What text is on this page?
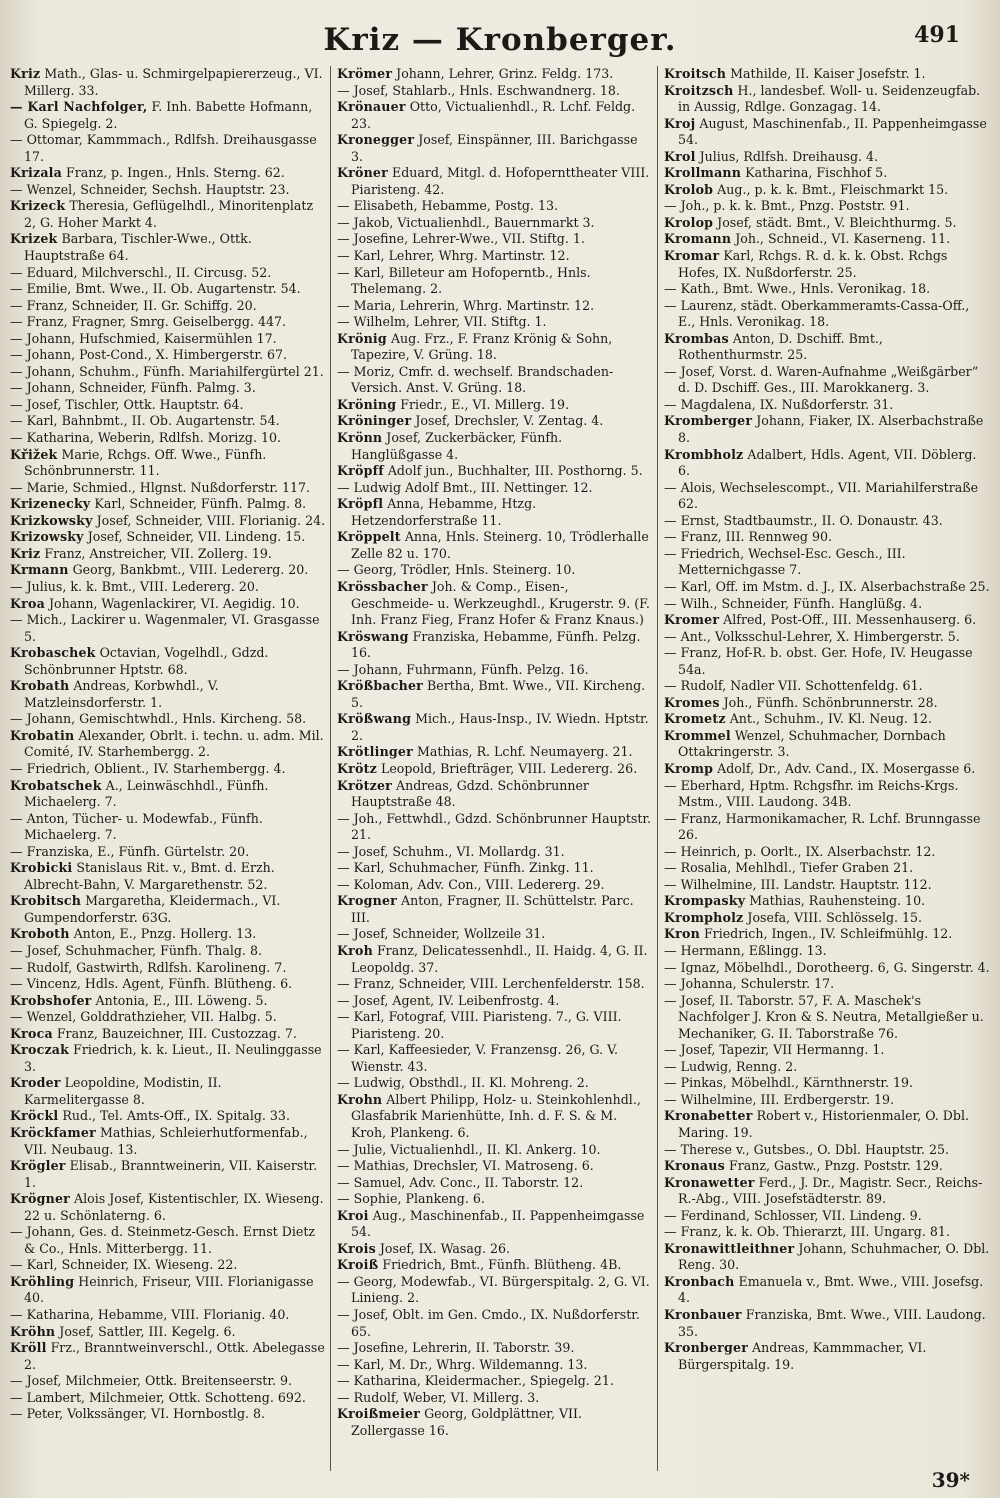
Kriz — Kronberger.	491

Kriz Math., Glas- u. Schmirgelpapiererzeug., VI. Millerg. 33.

— Karl Nachfolger, F. Inh. Babette Hofmann, G. Spiegelg. 2.

— Ottomar, Kammmach., Rdlfsh. Dreihausgasse 17.

Krizala Franz, p. Ingen., Hnls. Sterng. 62.

— Wenzel, Schneider, Sechsh. Hauptstr. 23.

Krizeck Theresia, Geflügelhdl., Minoritenplatz 2, G. Hoher Markt 4.

Krizek Barbara, Tischler-Wwe., Ottk. Hauptstraße 64.

— Eduard, Milchverschl., II. Circusg. 52.

— Emilie, Bmt. Wwe., II. Ob. Augartenstr. 54.

— Franz, Schneider, II. Gr. Schiffg. 20.

— Franz, Fragner, Smrg. Geiselbergg. 447.

— Johann, Hufschmied, Kaisermühlen 17.

— Johann, Post-Cond., X. Himbergerstr. 67.

— Johann, Schuhm., Fünfh. Mariahilfergürtel 21.

— Johann, Schneider, Fünfh. Palmg. 3.

— Josef, Tischler, Ottk. Hauptstr. 64.

— Karl, Bahnbmt., II. Ob. Augartenstr. 54.

— Katharina, Weberin, Rdlfsh. Morizg. 10.

Křižek Marie, Rchgs. Off. Wwe., Fünfh. Schönbrunnerstr. 11.

— Marie, Schmied., Hlgnst. Nußdorferstr. 117.

Krizenecky Karl, Schneider, Fünfh. Palmg. 8.

Krizkowsky Josef, Schneider, VIII. Florianig. 24.

Krizowsky Josef, Schneider, VII. Lindeng. 15.

Kriz Franz, Anstreicher, VII. Zollerg. 19.

Krmann Georg, Bankbmt., VIII. Ledererg. 20.

— Julius, k. k. Bmt., VIII. Ledererg. 20.

Kroa Johann, Wagenlackirer, VI. Aegidig. 10.

— Mich., Lackirer u. Wagenmaler, VI. Grasgasse 5.

Krobaschek Octavian, Vogelhdl., Gdzd. Schönbrunner Hptstr. 68.

Krobath Andreas, Korbwhdl., V. Matzleinsdorferstr. 1.

— Johann, Gemischtwhdl., Hnls. Kircheng. 58.

Krobatin Alexander, Obrlt. i. techn. u. adm. Mil. Comité, IV. Starhembergg. 2.

— Friedrich, Oblient., IV. Starhembergg. 4.

Krobatschek A., Leinwäschhdl., Fünfh. Michaelerg. 7.

— Anton, Tücher- u. Modewfab., Fünfh. Michaelerg. 7.

— Franziska, E., Fünfh. Gürtelstr. 20.

Krobicki Stanislaus Rit. v., Bmt. d. Erzh. Albrecht-Bahn, V. Margarethenstr. 52.

Krobitsch Margaretha, Kleidermach., VI. Gumpendorferstr. 63G.

Kroboth Anton, E., Pnzg. Hollerg. 13.

— Josef, Schuhmacher, Fünfh. Thalg. 8.

— Rudolf, Gastwirth, Rdlfsh. Karolineng. 7.

— Vincenz, Hdls. Agent, Fünfh. Blütheng. 6.

Krobshofer Antonia, E., III. Löweng. 5.

— Wenzel, Golddrathzieher, VII. Halbg. 5.

Kroca Franz, Bauzeichner, III. Custozzag. 7.

Kroczak Friedrich, k. k. Lieut., II. Neulinggasse 3.

Kroder Leopoldine, Modistin, II. Karmelitergasse 8.

Kröckl Rud., Tel. Amts-Off., IX. Spitalg. 33.

Kröckfamer Mathias, Schleierhutformenfab., VII. Neubaug. 13.

Krögler Elisab., Branntweinerin, VII. Kaiserstr. 1.

Krögner Alois Josef, Kistentischler, IX. Wieseng. 22 u. Schönlaterng. 6.

— Johann, Ges. d. Steinmetz-Gesch. Ernst Dietz & Co., Hnls. Mitterbergg. 11.

— Karl, Schneider, IX. Wieseng. 22.

Kröhling Heinrich, Friseur, VIII. Florianigasse 40.

— Katharina, Hebamme, VIII. Florianig. 40.

Kröhn Josef, Sattler, III. Kegelg. 6.

Kröll Frz., Branntweinverschl., Ottk. Abelegasse 2.

— Josef, Milchmeier, Ottk. Breitenseerstr. 9.

— Lambert, Milchmeier, Ottk. Schotteng. 692.

— Peter, Volkssänger, VI. Hornbostlg. 8.

Krömer Johann, Lehrer, Grinz. Feldg. 173.

— Josef, Stahlarb., Hnls. Eschwandnerg. 18.

Krönauer Otto, Victualienhdl., R. Lchf. Feldg. 23.

Kronegger Josef, Einspänner, III. Barichgasse 3.

Kröner Eduard, Mitgl. d. Hofopernttheater VIII. Piaristeng. 42.

— Elisabeth, Hebamme, Postg. 13.

— Jakob, Victualienhdl., Bauernmarkt 3.

— Josefine, Lehrer-Wwe., VII. Stiftg. 1.

— Karl, Lehrer, Whrg. Martinstr. 12.

— Karl, Billeteur am Hofoperntb., Hnls. Thelemang. 2.

— Maria, Lehrerin, Whrg. Martinstr. 12.

— Wilhelm, Lehrer, VII. Stiftg. 1.

Krönig Aug. Frz., F. Franz Krönig & Sohn, Tapezire, V. Grüng. 18.

— Moriz, Cmfr. d. wechself. Brandschaden-Versich. Anst. V. Grüng. 18.

Kröning Friedr., E., VI. Millerg. 19.

Kröninger Josef, Drechsler, V. Zentag. 4.

Krönn Josef, Zuckerbäcker, Fünfh. Hanglüßgasse 4.

Kröpff Adolf jun., Buchhalter, III. Posthorng. 5.

— Ludwig Adolf Bmt., III. Nettinger. 12.

Kröpfl Anna, Hebamme, Htzg. Hetzendorferstraße 11.

Kröppelt Anna, Hnls. Steinerg. 10, Trödlerhalle Zelle 82 u. 170.

— Georg, Trödler, Hnls. Steinerg. 10.

Krössbacher Joh. & Comp., Eisen-, Geschmeide- u. Werkzeughdl., Krugerstr. 9. (F. Inh. Franz Fieg, Franz Hofer & Franz Knaus.)

Kröswang Franziska, Hebamme, Fünfh. Pelzg. 16.

— Johann, Fuhrmann, Fünfh. Pelzg. 16.

Krößbacher Bertha, Bmt. Wwe., VII. Kircheng. 5.

Krößwang Mich., Haus-Insp., IV. Wiedn. Hptstr. 2.

Krötlinger Mathias, R. Lchf. Neumayerg. 21.

Krötz Leopold, Briefträger, VIII. Ledererg. 26.

Krötzer Andreas, Gdzd. Schönbrunner Hauptstraße 48.

— Joh., Fettwhdl., Gdzd. Schönbrunner Hauptstr. 21.

— Josef, Schuhm., VI. Mollardg. 31.

— Karl, Schuhmacher, Fünfh. Zinkg. 11.

— Koloman, Adv. Con., VIII. Ledererg. 29.

Krogner Anton, Fragner, II. Schüttelstr. Parc. III.

— Josef, Schneider, Wollzeile 31.

Kroh Franz, Delicatessenhdl., II. Haidg. 4, G. II. Leopoldg. 37.

— Franz, Schneider, VIII. Lerchenfelderstr. 158.

— Josef, Agent, IV. Leibenfrostg. 4.

— Karl, Fotograf, VIII. Piaristeng. 7., G. VIII. Piaristeng. 20.

— Karl, Kaffeesieder, V. Franzensg. 26, G. V. Wienstr. 43.

— Ludwig, Obsthdl., II. Kl. Mohreng. 2.

Krohn Albert Philipp, Holz- u. Steinkohlenhdl., Glasfabrik Marienhütte, Inh. d. F. S. & M. Kroh, Plankeng. 6.

— Julie, Victualienhdl., II. Kl. Ankerg. 10.

— Mathias, Drechsler, VI. Matroseng. 6.

— Samuel, Adv. Conc., II. Taborstr. 12.

— Sophie, Plankeng. 6.

Kroi Aug., Maschinenfab., II. Pappenheimgasse 54.

Krois Josef, IX. Wasag. 26.

Kroiß Friedrich, Bmt., Fünfh. Blütheng. 4B.

— Georg, Modewfab., VI. Bürgerspitalg. 2, G. VI. Linieng. 2.

— Josef, Oblt. im Gen. Cmdo., IX. Nußdorferstr. 65.

— Josefine, Lehrerin, II. Taborstr. 39.

— Karl, M. Dr., Whrg. Wildemanng. 13.

— Katharina, Kleidermacher., Spiegelg. 21.

— Rudolf, Weber, VI. Millerg. 3.

Kroißmeier Georg, Goldplättner, VII. Zollergasse 16.

Kroitsch Mathilde, II. Kaiser Josefstr. 1.

Kroitzsch H., landesbef. Woll- u. Seidenzeugfab. in Aussig, Rdlge. Gonzagag. 14.

Kroj August, Maschinenfab., II. Pappenheimgasse 54.

Krol Julius, Rdlfsh. Dreihausg. 4.

Krollmann Katharina, Fischhof 5.

Krolob Aug., p. k. k. Bmt., Fleischmarkt 15.

— Joh., p. k. k. Bmt., Pnzg. Poststr. 91.

Krolop Josef, städt. Bmt., V. Bleichthurmg. 5.

Kromann Joh., Schneid., VI. Kaserneng. 11.

Kromar Karl, Rchgs. R. d. k. k. Obst. Rchgs Hofes, IX. Nußdorferstr. 25.

— Kath., Bmt. Wwe., Hnls. Veronikag. 18.

— Laurenz, städt. Oberkammeramts-Cassa-Off., E., Hnls. Veronikag. 18.

Krombas Anton, D. Dschiff. Bmt., Rothenthurmstr. 25.

— Josef, Vorst. d. Waren-Aufnahme „Weißgärber“ d. D. Dschiff. Ges., III. Marokkanerg. 3.

— Magdalena, IX. Nußdorferstr. 31.

Kromberger Johann, Fiaker, IX. Alserbachstraße 8.

Krombholz Adalbert, Hdls. Agent, VII. Döblerg. 6.

— Alois, Wechselescompt., VII. Mariahilferstraße 62.

— Ernst, Stadtbaumstr., II. O. Donaustr. 43.

— Franz, III. Rennweg 90.

— Friedrich, Wechsel-Esc. Gesch., III. Metternichgasse 7.

— Karl, Off. im Mstm. d. J., IX. Alserbachstraße 25.

— Wilh., Schneider, Fünfh. Hanglüßg. 4.

Kromer Alfred, Post-Off., III. Messenhauserg. 6.

— Ant., Volksschul-Lehrer, X. Himbergerstr. 5.

— Franz, Hof-R. b. obst. Ger. Hofe, IV. Heugasse 54a.

— Rudolf, Nadler VII. Schottenfeldg. 61.

Kromes Joh., Fünfh. Schönbrunnerstr. 28.

Krometz Ant., Schuhm., IV. Kl. Neug. 12.

Krommel Wenzel, Schuhmacher, Dornbach Ottakringerstr. 3.

Kromp Adolf, Dr., Adv. Cand., IX. Mosergasse 6.

— Eberhard, Hptm. Rchgsfhr. im Reichs-Krgs. Mstm., VIII. Laudong. 34B.

— Franz, Harmonikamacher, R. Lchf. Brunngasse 26.

— Heinrich, p. Oorlt., IX. Alserbachstr. 12.

— Rosalia, Mehlhdl., Tiefer Graben 21.

— Wilhelmine, III. Landstr. Hauptstr. 112.

Krompasky Mathias, Rauhensteing. 10.

Krompholz Josefa, VIII. Schlösselg. 15.

Kron Friedrich, Ingen., IV. Schleifmühlg. 12.

— Hermann, Eßlingg. 13.

— Ignaz, Möbelhdl., Dorotheerg. 6, G. Singerstr. 4.

— Johanna, Schulerstr. 17.

— Josef, II. Taborstr. 57, F. A. Maschek's Nachfolger J. Kron & S. Neutra, Metallgießer u. Mechaniker, G. II. Taborstraße 76.

— Josef, Tapezir, VII Hermanng. 1.

— Ludwig, Renng. 2.

— Pinkas, Möbelhdl., Kärnthnerstr. 19.

— Wilhelmine, III. Erdbergerstr. 19.

Kronabetter Robert v., Historienmaler, O. Dbl. Maring. 19.

— Therese v., Gutsbes., O. Dbl. Hauptstr. 25.

Kronaus Franz, Gastw., Pnzg. Poststr. 129.

Kronawetter Ferd., J. Dr., Magistr. Secr., Reichs-R.-Abg., VIII. Josefstädterstr. 89.

— Ferdinand, Schlosser, VII. Lindeng. 9.

— Franz, k. k. Ob. Thierarzt, III. Ungarg. 81.

Kronawittleithner Johann, Schuhmacher, O. Dbl. Reng. 30.

Kronbach Emanuela v., Bmt. Wwe., VIII. Josefsg. 4.

Kronbauer Franziska, Bmt. Wwe., VIII. Laudong. 35.

Kronberger Andreas, Kammmacher, VI. Bürgerspitalg. 19.

39*
